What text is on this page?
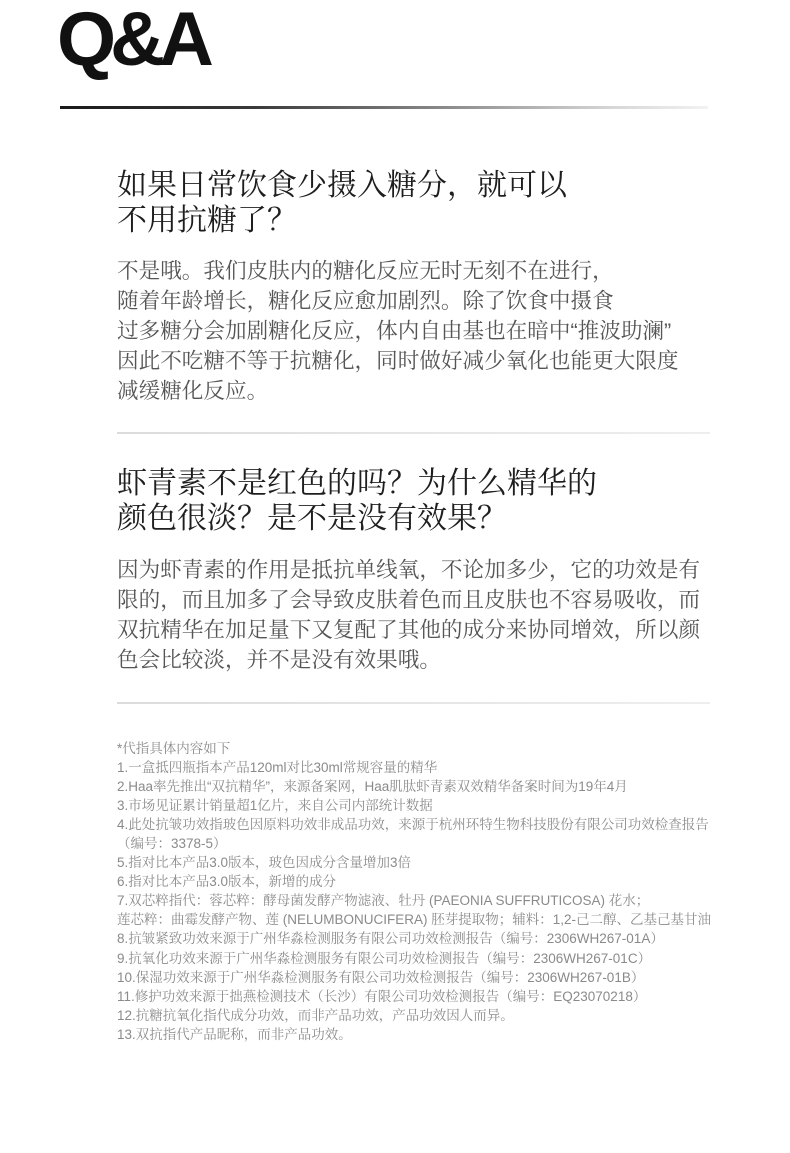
Q&A
如果日常饮食少摄入糖分，就可以
不用抗糖了？
不是哦。我们皮肤内的糖化反应无时无刻不在进行，
随着年龄增长，糖化反应愈加剧烈。除了饮食中摄食
过多糖分会加剧糖化反应，体内自由基也在暗中“推波助澜”
因此不吃糖不等于抗糖化，同时做好减少氧化也能更大限度
减缓糖化反应。
虾青素不是红色的吗？为什么精华的
颜色很淡？是不是没有效果？
因为虾青素的作用是抵抗单线氧，不论加多少，它的功效是有
限的，而且加多了会导致皮肤着色而且皮肤也不容易吸收，而
双抗精华在加足量下又复配了其他的成分来协同增效，所以颜
色会比较淡，并不是没有效果哦。
*代指具体内容如下
1.一盒抵四瓶指本产品120ml对比30ml常规容量的精华
2.Haa率先推出“双抗精华”，来源备案网，Haa肌肽虾青素双效精华备案时间为19年4月
3.市场见证累计销量超1亿片，来自公司内部统计数据
4.此处抗皱功效指玻色因原料功效非成品功效，来源于杭州环特生物科技股份有限公司功效检查报告
（编号：3378-5）
5.指对比本产品3.0版本，玻色因成分含量增加3倍
6.指对比本产品3.0版本，新增的成分
7.双芯粹指代：蓉芯粹：酵母菌发酵产物滤液、牡丹 (PAEONIA SUFFRUTICOSA) 花水；
莲芯粹：曲霉发酵产物、莲 (NELUMBONUCIFERA) 胚芽提取物；辅料：1,2-己二醇、乙基己基甘油
8.抗皱紧致功效来源于广州华淼检测服务有限公司功效检测报告（编号：2306WH267-01A）
9.抗氧化功效来源于广州华淼检测服务有限公司功效检测报告（编号：2306WH267-01C）
10.保湿功效来源于广州华淼检测服务有限公司功效检测报告（编号：2306WH267-01B）
11.修护功效来源于拙燕检测技术（长沙）有限公司功效检测报告（编号：EQ23070218）
12.抗糖抗氧化指代成分功效，而非产品功效，产品功效因人而异。
13.双抗指代产品昵称，而非产品功效。
